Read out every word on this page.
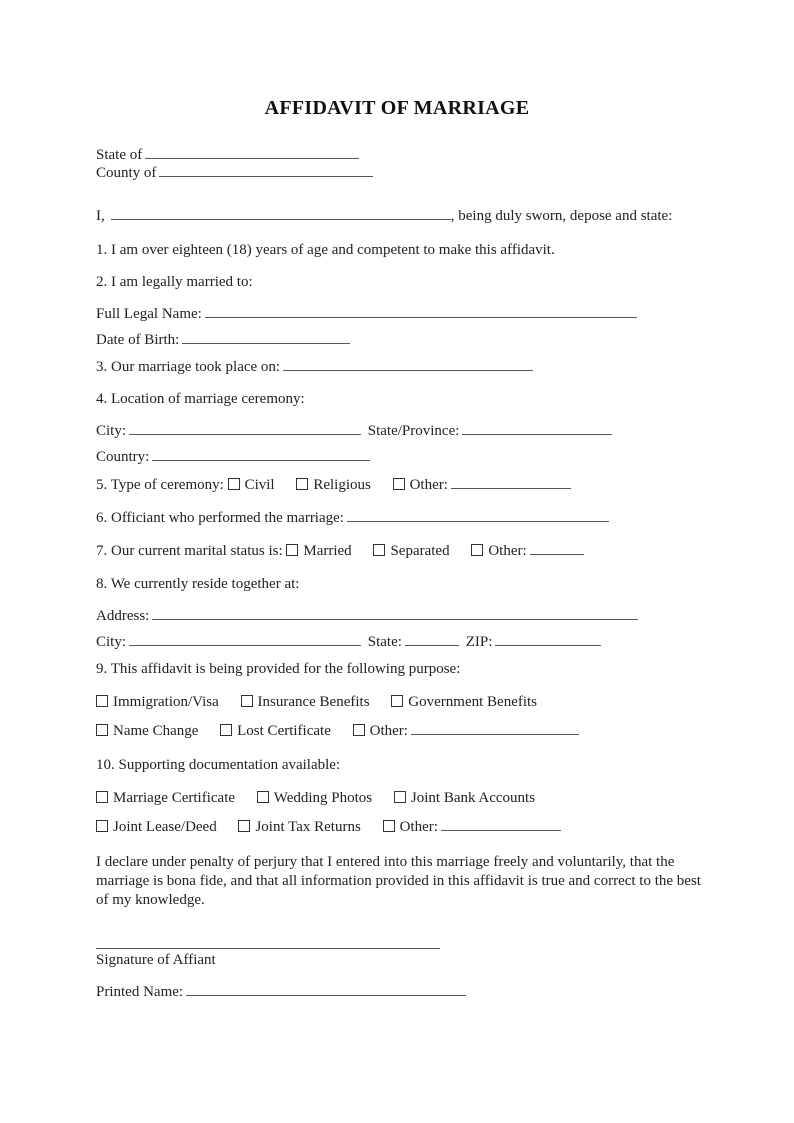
AFFIDAVIT OF MARRIAGE
State of
County of
I,	, being duly sworn, depose and state:
1. I am over eighteen (18) years of age and competent to make this affidavit.
2. I am legally married to:
Full Legal Name:
Date of Birth:
3. Our marriage took place on:
4. Location of marriage ceremony:
City:	State/Province:
Country:
5. Type of ceremony: Civil	Religious	Other:
6. Officiant who performed the marriage:
7. Our current marital status is: Married	Separated	Other:
8. We currently reside together at:
Address:
City:	State:	ZIP:
9. This affidavit is being provided for the following purpose:
Immigration/Visa	Insurance Benefits	Government Benefits
Name Change	Lost Certificate	Other:
10. Supporting documentation available:
Marriage Certificate	Wedding Photos	Joint Bank Accounts
Joint Lease/Deed	Joint Tax Returns	Other:
I declare under penalty of perjury that I entered into this marriage freely and voluntarily, that the marriage is bona fide, and that all information provided in this affidavit is true and correct to the best of my knowledge.
Signature of Affiant
Printed Name:
